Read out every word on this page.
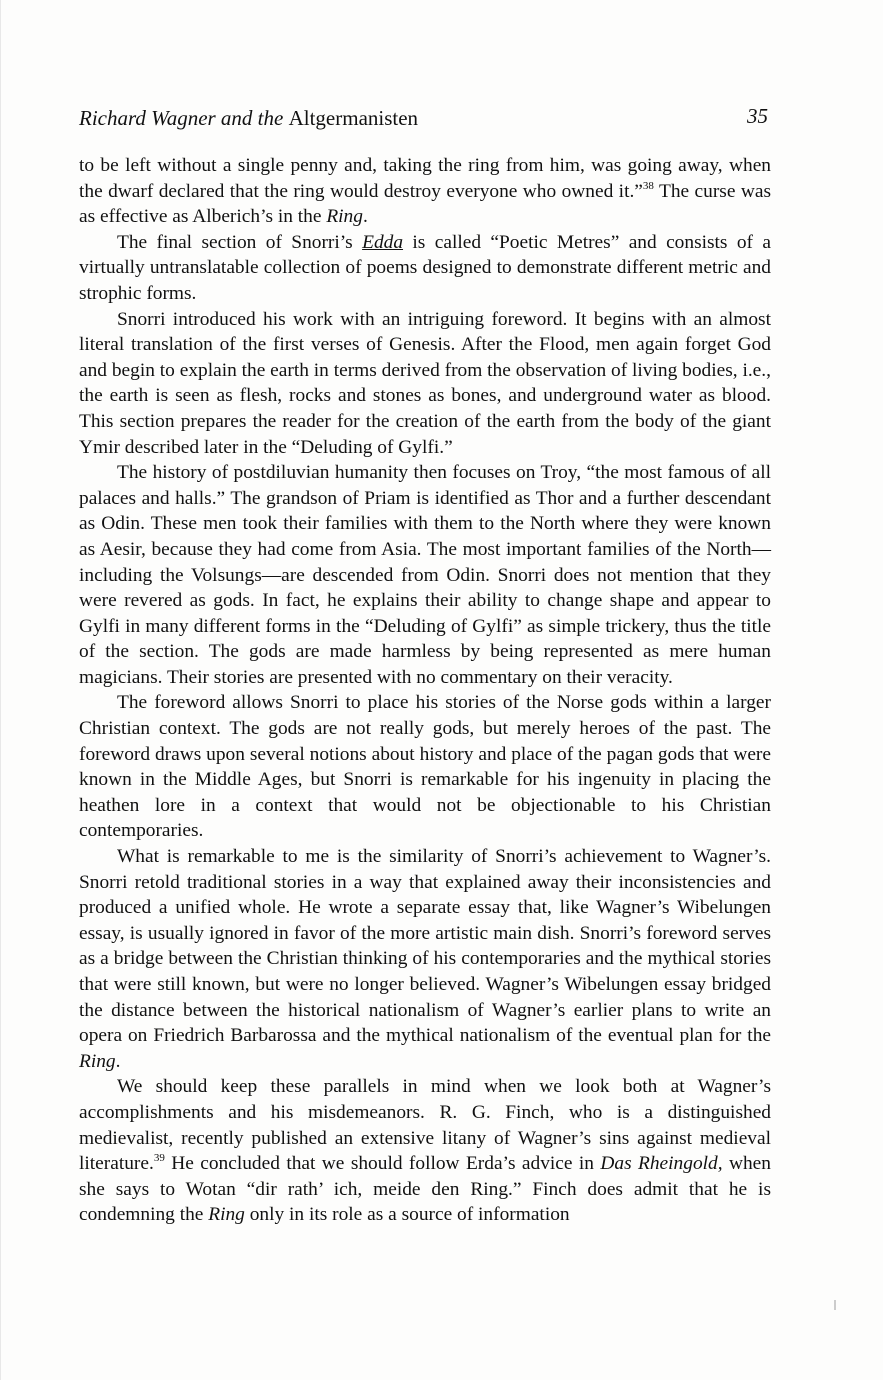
Richard Wagner and the Altgermanisten	35

to be left without a single penny and, taking the ring from him, was going away, when the dwarf declared that the ring would destroy everyone who owned it.”$^{38}$ The curse was as effective as Alberich’s in the Ring.

The final section of Snorri’s Edda is called “Poetic Metres” and consists of a virtually untranslatable collection of poems designed to demonstrate different metric and strophic forms.

Snorri introduced his work with an intriguing foreword. It begins with an almost literal translation of the first verses of Genesis. After the Flood, men again forget God and begin to explain the earth in terms derived from the observation of living bodies, i.e., the earth is seen as flesh, rocks and stones as bones, and underground water as blood. This section prepares the reader for the creation of the earth from the body of the giant Ymir described later in the “Deluding of Gylfi.”

The history of postdiluvian humanity then focuses on Troy, “the most famous of all palaces and halls.” The grandson of Priam is identified as Thor and a further descendant as Odin. These men took their families with them to the North where they were known as Aesir, because they had come from Asia. The most important families of the North—including the Volsungs—are descended from Odin. Snorri does not mention that they were revered as gods. In fact, he explains their ability to change shape and appear to Gylfi in many different forms in the “Deluding of Gylfi” as simple trickery, thus the title of the section. The gods are made harmless by being represented as mere human magicians. Their stories are presented with no commentary on their veracity.

The foreword allows Snorri to place his stories of the Norse gods within a larger Christian context. The gods are not really gods, but merely heroes of the past. The foreword draws upon several notions about history and place of the pagan gods that were known in the Middle Ages, but Snorri is remarkable for his ingenuity in placing the heathen lore in a context that would not be objectionable to his Christian contemporaries.

What is remarkable to me is the similarity of Snorri’s achievement to Wagner’s. Snorri retold traditional stories in a way that explained away their inconsistencies and produced a unified whole. He wrote a separate essay that, like Wagner’s Wibelungen essay, is usually ignored in favor of the more artistic main dish. Snorri’s foreword serves as a bridge between the Christian thinking of his contemporaries and the mythical stories that were still known, but were no longer believed. Wagner’s Wibelungen essay bridged the distance between the historical nationalism of Wagner’s earlier plans to write an opera on Friedrich Barbarossa and the mythical nationalism of the eventual plan for the Ring.

We should keep these parallels in mind when we look both at Wagner’s accomplishments and his misdemeanors. R. G. Finch, who is a distinguished medievalist, recently published an extensive litany of Wagner’s sins against medieval literature.$^{39}$ He concluded that we should follow Erda’s advice in Das Rheingold, when she says to Wotan “dir rath’ ich, meide den Ring.” Finch does admit that he is condemning the Ring only in its role as a source of information
